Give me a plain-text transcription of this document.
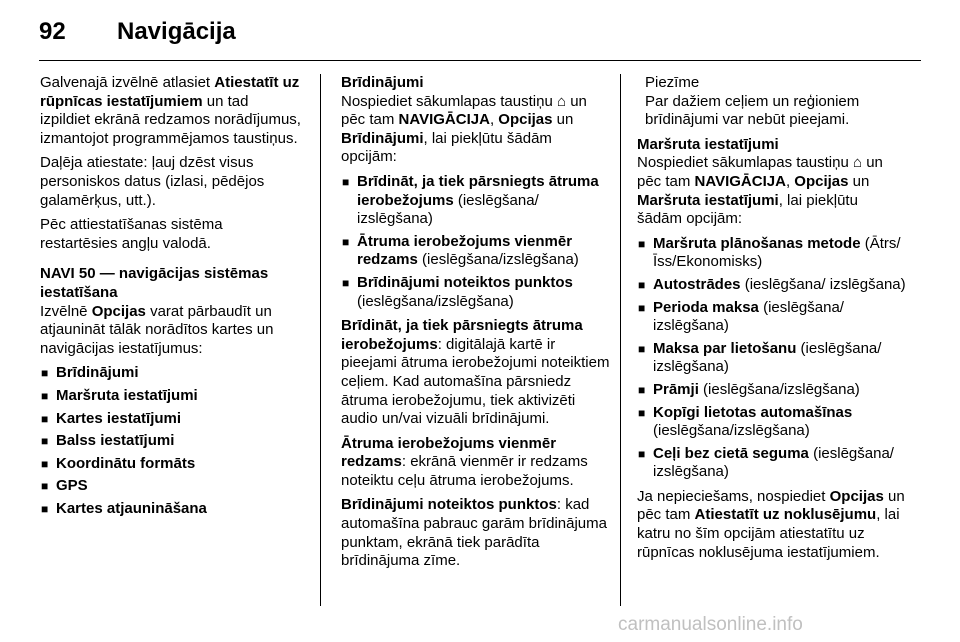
92 Navigācija

Galvenajā izvēlnē atlasiet Atiestatīt uz rūpnīcas iestatījumiem un tad izpildiet ekrānā redzamos norādījumus, izmantojot programmējamos taustiņus.

Daļēja atiestate: ļauj dzēst visus personiskos datus (izlasi, pēdējos galamērķus, utt.).

Pēc attiestatīšanas sistēma restartēsies angļu valodā.

NAVI 50 — navigācijas sistēmas iestatīšana

Izvēlnē Opcijas varat pārbaudīt un atjaunināt tālāk norādītos kartes un navigācijas iestatījumus:

■ Brīdinājumi
■ Maršruta iestatījumi
■ Kartes iestatījumi
■ Balss iestatījumi
■ Koordinātu formāts
■ GPS
■ Kartes atjaunināšana
Brīdinājumi

Nospiediet sākumlapas taustiņu ⌂ un pēc tam NAVIGĀCIJA, Opcijas un Brīdinājumi, lai piekļūtu šādām opcijām:

■ Brīdināt, ja tiek pārsniegts ātruma ierobežojums (ieslēgšana/ izslēgšana)
■ Ātruma ierobežojums vienmēr redzams (ieslēgšana/izslēgšana)
■ Brīdinājumi noteiktos punktos (ieslēgšana/izslēgšana)

Brīdināt, ja tiek pārsniegts ātruma ierobežojums: digitālajā kartē ir pieejami ātruma ierobežojumi noteiktiem ceļiem. Kad automašīna pārsniedz ātruma ierobežojumu, tiek aktivizēti audio un/vai vizuāli brīdinājumi.

Ātruma ierobežojums vienmēr redzams: ekrānā vienmēr ir redzams noteiktu ceļu ātruma ierobežojums.

Brīdinājumi noteiktos punktos: kad automašīna pabrauc garām brīdinājuma punktam, ekrānā tiek parādīta brīdinājuma zīme.

Piezīme
Par dažiem ceļiem un reģioniem brīdinājumi var nebūt pieejami.
Maršruta iestatījumi

Nospiediet sākumlapas taustiņu ⌂ un pēc tam NAVIGĀCIJA, Opcijas un Maršruta iestatījumi, lai piekļūtu šādām opcijām:

■ Maršruta plānošanas metode (Ātrs/ Īss/Ekonomisks)
■ Autostrādes (ieslēgšana/ izslēgšana)
■ Perioda maksa (ieslēgšana/ izslēgšana)
■ Maksa par lietošanu (ieslēgšana/ izslēgšana)
■ Prāmji (ieslēgšana/izslēgšana)
■ Kopīgi lietotas automašīnas (ieslēgšana/izslēgšana)
■ Ceļi bez cietā seguma (ieslēgšana/ izslēgšana)

Ja nepieciešams, nospiediet Opcijas un pēc tam Atiestatīt uz noklusējumu, lai katru no šīm opcijām atiestatītu uz rūpnīcas noklusējuma iestatījumiem.

carmanualsonline.info
